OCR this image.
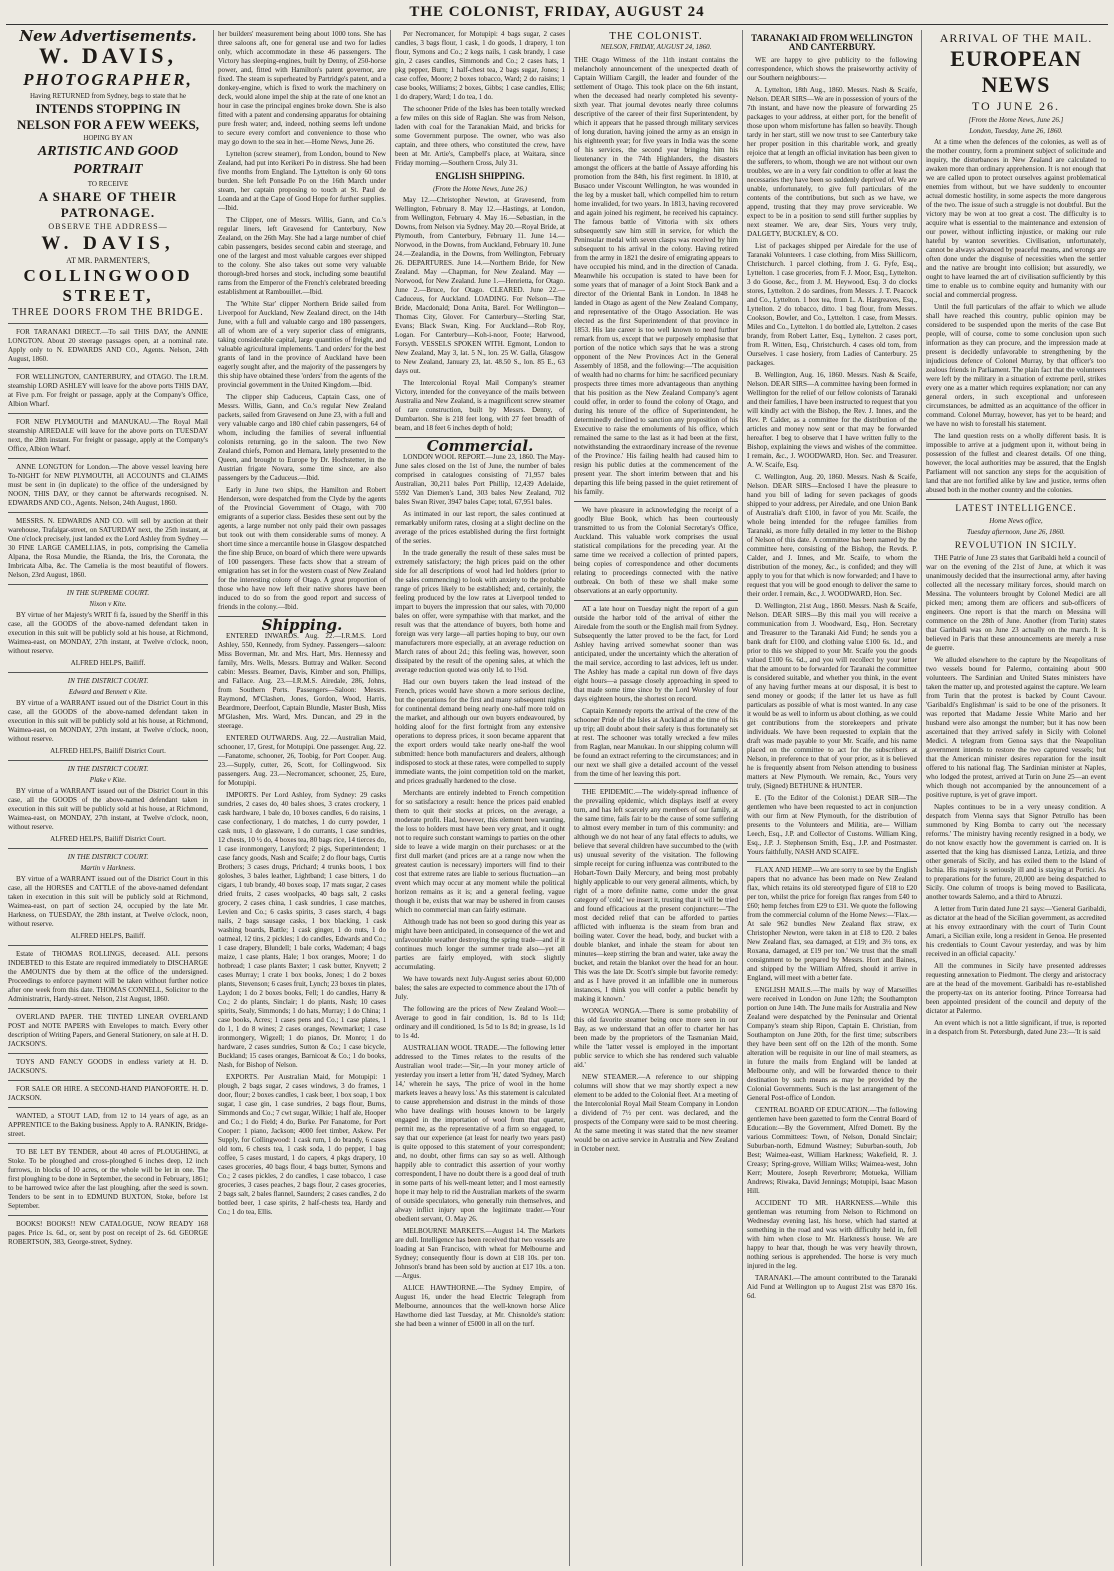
THE COLONIST, FRIDAY, AUGUST 24
New Advertisements.
W. DAVIS,
PHOTOGRAPHER,
Having RETURNED from Sydney, begs to state that he
INTENDS STOPPING IN NELSON FOR A FEW WEEKS,
HOPING BY AN
ARTISTIC AND GOOD PORTRAIT
TO RECEIVE
A SHARE OF THEIR PATRONAGE.
OBSERVE THE ADDRESS—
W. DAVIS,
AT MR. PARMENTER'S,
COLLINGWOOD STREET,
THREE DOORS FROM THE BRIDGE.

FOR TARANAKI DIRECT.—To sail THIS DAY, the ANNIE LONGTON. About 20 steerage passages open, at a nominal rate. Apply only to N. EDWARDS AND CO., Agents. Nelson, 24th August, 1860.

FOR WELLINGTON, CANTERBURY, and OTAGO. The I.R.M. steamship LORD ASHLEY will leave for the above ports THIS DAY, at Five p.m. For freight or passage, apply at the Company's Office, Albion Wharf.

FOR NEW PLYMOUTH and MANUKAU.—The Royal Mail steamship AIREDALE will leave for the above ports on TUESDAY next, the 28th instant. For freight or passage, apply at the Company's Office, Albion Wharf.

ANNE LONGTON for London.—The above vessel leaving here To-NIGHT for NEW PLYMOUTH, all ACCOUNTS and CLAIMS must be sent in (in duplicate) to the office of the undersigned by NOON, THIS DAY, or they cannot be afterwards recognised. N. EDWARDS AND CO., Agents. Nelson, 24th August, 1860.

MESSRS. N. EDWARDS AND CO. will sell by auction at their warehouse, Trafalgar-street, on SATURDAY next, the 25th instant, at One o'clock precisely, just landed ex the Lord Ashley from Sydney — 30 FINE LARGE CAMELLIAS, in pots, comprising the Camelia Alpana, the Rosa Mundie, the Rianda, the Iris, the Coronata, the Imbricata Alba, &c. The Camelia is the most beautiful of flowers. Nelson, 23rd August, 1860.

IN THE SUPREME COURT.
Nixon v Kite.

BY virtue of her Majesty's WRIT fi fa, issued by the Sheriff in this case, all the GOODS of the above-named defendant taken in execution in this suit will be publicly sold at his house, at Richmond, Waimea-east, on MONDAY, 27th instant, at Twelve o'clock, noon, without reserve.

ALFRED HELPS, Bailiff.

IN THE DISTRICT COURT.
Edward and Bennett v Kite.

BY virtue of a WARRANT issued out of the District Court in this case, all the GOODS of the above-named defendant taken in execution in this suit will be publicly sold at his house, at Richmond, Waimea-east, on MONDAY, 27th instant, at Twelve o'clock, noon, without reserve.

ALFRED HELPS, Bailiff District Court.

IN THE DISTRICT COURT.
Plake v Kite.

BY virtue of a WARRANT issued out of the District Court in this case, all the GOODS of the above-named defendant taken in execution in this suit will be publicly sold at his house, at Richmond, Waimea-east, on MONDAY, 27th instant, at Twelve o'clock, noon, without reserve.

ALFRED HELPS, Bailiff District Court.

IN THE DISTRICT COURT.
Martin v Harkness.

BY virtue of a WARRANT issued out of the District Court in this case, all the HORSES and CATTLE of the above-named defendant taken in execution in this suit will be publicly sold at Richmond, Waimea-east, on part of section 24, occupied by the late Mr. Harkness, on TUESDAY, the 28th instant, at Twelve o'clock, noon, without reserve.

ALFRED HELPS, Bailiff.

Estate of THOMAS ROLLINGS, deceased. ALL persons INDEBTED to this Estate are required immediately to DISCHARGE the AMOUNTS due by them at the office of the undersigned. Proceedings to enforce payment will be taken without further notice after one week from this date. THOMAS CONNELL, Solicitor to the Administratrix, Hardy-street. Nelson, 21st August, 1860.

OVERLAND PAPER. THE TINTED LINEAR OVERLAND POST and NOTE PAPERS with Envelopes to match. Every other description of Writing Papers, and General Stationery, on sale at H. D. JACKSON'S.

TOYS AND FANCY GOODS in endless variety at H. D. JACKSON'S.

FOR SALE OR HIRE. A SECOND-HAND PIANOFORTE. H. D. JACKSON.

WANTED, a STOUT LAD, from 12 to 14 years of age, as an APPRENTICE to the Baking business. Apply to A. RANKIN, Bridge-street.

TO BE LET BY TENDER, about 40 acres of PLOUGHING, at Stoke. To be ploughed and cross-ploughed 6 inches deep, 12 inch furrows, in blocks of 10 acres, or the whole will be let in one. The first ploughing to be done in September, the second in February, 1861; to be harrowed twice after the last ploughing, after the seed is sown. Tenders to be sent in to EDMUND BUXTON, Stoke, before 1st September.

BOOKS! BOOKS!! NEW CATALOGUE, NOW READY 168 pages. Price 1s. 6d., or, sent by post on receipt of 2s. 6d. GEORGE ROBERTSON, 383, George-street, Sydney.

her builders' measurement being about 1000 tons. She has three saloons aft, one for general use and two for ladies only, which accommodate in these 46 passengers. The Victory has sleeping-engines, built by Denny, of 250-horse power, and, fitted with Hamilton's patent governor, are fixed. The steam is superheated by Partridge's patent, and a donkey-engine, which is fixed to work the machinery on deck, would alone impel the ship at the rate of one knot an hour in case the principal engines broke down. She is also fitted with a patent and condensing apparatus for obtaining pure fresh water; and, indeed, nothing seems left undone to secure every comfort and convenience to those who may go down to the sea in her.—Home News, June 26.

Lyttelton (screw steamer), from London, bound to New Zealand, had put into Kerikeri Po in distress. She had been five months from England. The Lyttelton is only 60 tons burden. She left Ponsadle Po on the 16th March under steam, her captain proposing to touch at St. Paul de Loanda and at the Cape of Good Hope for further supplies.—Ibid.

The Clipper, one of Messrs. Willis, Gann, and Co.'s regular liners, left Gravesend for Canterbury, New Zealand, on the 26th May. She had a large number of chief cabin passengers, besides second cabin and steerage, and one of the largest and most valuable cargoes ever shipped to the colony. She also takes out some very valuable thorough-bred horses and stock, including some beautiful rams from the Emperor of the French's celebrated breeding establishment at Rambouillet.—Ibid.

The 'White Star' clipper Northern Bride sailed from Liverpool for Auckland, New Zealand direct, on the 14th June, with a full and valuable cargo and 180 passengers, all of whom are of a very superior class of emigrants, taking considerable capital, large quantities of freight, and valuable agricultural implements. 'Land orders' for the best grants of land in the province of Auckland have been eagerly sought after, and the majority of the passengers by this ship have obtained these 'orders' from the agents of the provincial government in the United Kingdom.—Ibid.

The clipper ship Caduceus, Captain Cass, one of Messrs. Willis, Gann, and Co.'s regular New Zealand packets, sailed from Gravesend on June 23, with a full and very valuable cargo and 180 chief cabin passengers, 64 of whom, including the families of several influential colonists returning, go in the saloon. The two New Zealand chiefs, Pomon and Hemara, lately presented to the Queen, and brought to Europe by Dr. Hochstetter, in the Austrian frigate Novara, some time since, are also passengers by the Caduceus.—Ibid.

Early in June two ships, the Hamilton and Robert Henderson, were despatched from the Clyde by the agents of the Provincial Government of Otago, with 700 emigrants of a superior class. Besides these sent out by the agents, a large number not only paid their own passages but took out with them considerable sums of money. A short time since a mercantile house in Glasgow despatched the fine ship Bruce, on board of which there were upwards of 100 passengers. These facts show that a stream of emigration has set in for the western coast of New Zealand for the interesting colony of Otago. A great proportion of those who have now left their native shores have been induced to do so from the good report and success of friends in the colony.—Ibid.

Shipping.

ENTERED INWARDS. Aug. 22.—I.R.M.S. Lord Ashley, 550, Kennedy, from Sydney. Passengers—saloon: Miss Boverman, Mr. and Mrs. Hart, Mrs. Hennessy and family, Mrs. Wells, Messrs. Buttray and Walker. Second cabin: Messrs. Beamer, Davis, Kimber and son, Phillips, and Fallace. Aug. 23.—I.R.M.S. Airedale, 286, Johns, from Southern Ports. Passengers—Saloon: Messrs. Raymond, M'Clashen, Jones, Gordon, Wood, Harris, Beardmore, Deerfoot, Captain Blundle, Master Bush, Miss M'Glashen, Mrs. Ward, Mrs. Duncan, and 29 in the steerage.

ENTERED OUTWARDS. Aug. 22.—Australian Maid, schooner, 17, Grest, for Motupipi. One passenger. Aug. 22.—Fanatome, schooner, 26, Toobig, for Port Cooper. Aug. 23.—Supply, cutter, 26, Scott, for Collingwood. Six passengers. Aug. 23.—Necromancer, schooner, 25, Eure, for Motupipi.

IMPORTS. Per Lord Ashley, from Sydney: 29 casks sundries, 2 cases do, 40 bales shoes, 3 crates crockery, 1 cask hardware, 1 bale do, 10 boxes candles, 6 do raisins, 1 case confectionary, 1 do matches, 1 do curry powder, 1 cask nuts, 1 do glassware, 1 do currants, 1 case sundries, 12 chests, 10 ½ do, 4 boxes tea, 80 bags rice, 14 tierces do, 1 case ironmongery, Lanyford; 2 pigs, Superintendent; 1 case fancy goods, Nash and Scaife; 2 do flour bags, Curtis Brothers; 3 cases drugs, Prichard; 4 trunks boots, 1 box goloshes, 3 bales leather, Lightband; 1 case bitters, 1 do cigars, 1 tub brandy, 40 boxes soap, 17 mats sugar, 2 cases dried fruits, 2 cases woolpacks, 40 bags salt, 2 casks grocery, 2 cases china, 1 cask sundries, 1 case matches, Levien and Co.; 6 casks spirits, 3 cases starch, 4 bags nails, 2 bags sausage casks, 1 box blacking, 1 cask washing boards, Battle; 1 cask ginger, 1 do nuts, 1 do oatmeal, 12 tins, 2 pickles; 1 do candles, Edwards and Co.; 1 case drapery, Blundell; 1 bale corks, Wademan; 4 bags maize, 1 case plants, Hale; 1 box oranges, Moore; 1 do hotbread; 1 case plants Baxter; 1 cask butter, Knyvett; 2 cases Murray; 1 crate 1 box books, Jones; 1 do 2 boxes plants, Stevenson; 6 cases fruit, Lynch; 23 boxes tin plates, Laydon; 1 do 2 boxes books, Fell; 1 do candles, Harry & Co.; 2 do plants, Sinclair; 1 do plants, Nash; 10 cases spirits, Sealy, Simmonds; 1 do hats, Murray; 1 do China; 1 case books, Acres; 1 cases pens and Co.; 1 case plates, 1 do 1, 1 do 8 wines; 2 cases oranges, Newmarket; 1 case ironmongery, Wigzell; 1 do pianos, Dr. Monro; 1 do hardware, 2 cases sundries, Sutton & Co.; 1 case bicycle, Buckland; 15 cases oranges, Barnicoat & Co.; 1 do books, Nash, for Bishop of Nelson.

EXPORTS. Per Australian Maid, for Motupipi: 1 plough, 2 bags sugar, 2 cases windows, 3 do frames, 1 door, flour; 2 boxes candles, 1 cask beer, 1 box soap, 1 box sugar, 1 case gin, 1 case sundries, 2 bags flour, Burns, Simmonds and Co.; 7 cwt sugar, Wilkie; 1 half ale, Hooper and Co.; 1 do Field; 4 do, Burke. Per Fanatome, for Port Cooper: 1 piano, Jackson; 4000 feet timber, Askew. Per Supply, for Collingwood: 1 cask rum, 1 do brandy, 6 cases old tom, 6 chests tea, 1 cask soda, 1 do pepper, 1 bag coffee, 5 cases mustard, 1 do capers, 4 pkgs drapery, 10 cases groceries, 40 bags flour, 4 bags butter, Symons and Co.; 2 cases pickles, 2 do candles, 1 case tobacco, 1 case groceries, 3 cases peaches, 2 bags flour, 2 cases groceries, 2 bags salt, 2 bales flannel, Saunders; 2 cases candles, 2 do bottled beer, 1 case spirits, 2 half-chests tea, Hardy and Co.; 1 do tea, Ellis.

Per Necromancer, for Motupipi: 4 bags sugar, 2 cases candles, 3 bags flour, 1 cask, 1 do goods, 1 drapery, 1 ton flour, Symons and Co.; 2 kegs nails, 1 cask brandy, 1 case gin, 2 cases candles, Simmonds and Co.; 2 cases hats, 1 pkg pepper, Burn; 1 half-chest tea, 2 bags sugar, Jones; 1 case coffee, Moore; 2 boxes tobacco, Ward; 2 do raisins; 1 case books, Williams; 2 boxes, Gibbs; 1 case candles, Ellis; 1 do drapery, Ward; 1 do tea, 1 do.

The schooner Pride of the Isles has been totally wrecked a few miles on this side of Raglan. She was from Nelson, laden with coal for the Taranakian Maid, and bricks for some Government purpose. The owner, who was also captain, and three others, who constituted the crew, have been at Mr. Artie's, Campbell's place, at Waitara, since Friday morning.—Southern Cross, July 31.

ENGLISH SHIPPING.
(From the Home News, June 26.)

May 12.—Christopher Newton, at Gravesend, from Wellington, February 8. May 12.—Hastings, at London, from Wellington, February 4. May 16.—Sebastian, in the Downs, from Nelson via Sydney. May 20.—Royal Bride, at Plymouth, from Canterbury, February 11. June 14.—Norwood, in the Downs, from Auckland, February 10. June 24.—Zealandia, in the Downs, from Wellington, February 26. DEPARTURES. June 14.—Northern Bride, for New Zealand. May —Chapman, for New Zealand. May —Norwood, for New Zealand. June 1.—Henrietta, for Otago. June 2.—Bruce, for Otago. CLEARED. June 22.—Caduceus, for Auckland. LOADING. For Nelson—The Bride, Macdonald; Dona Anita, Barel. For Wellington—Thomas City, Glover. For Canterbury—Sterling Star, Evans; Black Swan, King. For Auckland—Rob Roy, Logan. For Canterbury—Koh-i-noor, Foote; Harwood, Forsyth. VESSELS SPOKEN WITH. Egmont, London to New Zealand, May 3, lat. 5 N., lon. 25 W. Galla, Glasgow to New Zealand, January 23, lat. 48.50 S., lon. 85 E., 63 days out.

The Intercolonial Royal Mail Company's steamer Victory, intended for the conveyance of the mails between Australia and New Zealand, is a magnificent screw steamer of rare construction, built by Messrs. Denny, of Dumbarton. She is 218 feet long, with 27 feet breadth of beam, and 18 feet 6 inches depth of hold;

Commercial.

LONDON WOOL REPORT.—June 23, 1860. The May-June sales closed on the 1st of June, the number of bales comprised in catalogues consisting of 71,957 bales Australian, 30,211 bales Port Phillip, 12,439 Adelaide, 5592 Van Diemen's Land, 303 bales New Zealand, 702 bales Swan River, 3947 bales Cape; total, 67,951 bales.

As intimated in our last report, the sales continued at remarkably uniform rates, closing at a slight decline on the average of the prices established during the first fortnight of the series.

In the trade generally the result of these sales must be extremely satisfactory; the high prices paid on the other side for all descriptions of wool had led holders (prior to the sales commencing) to look with anxiety to the probable range of prices likely to be established; and, certainly, the feeling produced by the low rates at Liverpool tended to impart to buyers the impression that our sales, with 70,000 bales on offer, were sympathise with that market, and the result was that the attendance of buyers, both home and foreign was very large—all parties hoping to buy, our own manufacturers more especially, at an average reduction on March rates of about 2d.; this feeling was, however, soon dissipated by the result of the opening sales, at which the average reduction quoted was only 1d. to 1½d.

Had our own buyers taken the lead instead of the French, prices would have shown a more serious decline, but the operations for the first and many subsequent nights for continental demand being nearly one-half more told on the market, and although our own buyers endeavoured, by holding aloof for the first fortnight from any extensive operations to depress prices, it soon became apparent that the export orders would take nearly one-half the wool submitted: hence both manufacturers and dealers, although indisposed to stock at these rates, were compelled to supply immediate wants, the joint competition told on the market, and prices gradually hardened to the close.

Merchants are entirely indebted to French competition for so satisfactory a result: hence the prices paid enabled them to quit their stocks at prices, on the average, a moderate profit. Had, however, this element been wanting, the loss to holders must have been very great, and it ought not to require such constant warnings to parties on the other side to leave a wide margin on their purchases: or at the first dull market (and prices are at a range now when the greatest caution is necessary) importers will find to their cost that extreme rates are liable to serious fluctuation—an event which may occur at any moment while the political horizon remains as it is; and a general feeling, vague though it be, exists that war may be ushered in from causes which no commercial man can fairly estimate.

Although trade has not been so good during this year as might have been anticipated, in consequence of the wet and unfavourable weather destroying the spring trade—and if it continues much longer the summer trade also—yet all parties are fairly employed, with stock slightly accumulating.

We have towards next July-August series about 60,000 bales; the sales are expected to commence about the 17th of July.

The following are the prices of New Zealand Wool:—Average to good in fair condition, 1s. 8d to 1s 11d; ordinary and ill conditioned, 1s 5d to 1s 8d; in grease, 1s 1d to 1s 4d.

AUSTRALIAN WOOL TRADE.—The following letter addressed to the Times relates to the results of the Australian wool trade:—'Sir,—In your money article of yesterday you insert a letter from 'H,' dated 'Sydney, March 14,' wherein he says, 'The price of wool in the home markets leaves a heavy loss.' As this statement is calculated to cause apprehension and distrust in the minds of those who have dealings with houses known to be largely engaged in the importation of wool from that quarter, permit me, as the representative of a firm so engaged, to say that our experience (at least for nearly two years past) is quite opposed to this statement of your correspondent; and, no doubt, other firms can say so as well. Although happily able to contradict this assertion of your worthy correspondent, I have no doubt there is a good deal of truth in some parts of his well-meant letter; and I most earnestly hope it may help to rid the Australian markets of the swarm of outside speculators, who generally ruin themselves, and alway inflict injury upon the legitimate trader.—Your obedient servant, O. May 26.

MELBOURNE MARKETS.—August 14. The Markets are dull. Intelligence has been received that two vessels are loading at San Francisco, with wheat for Melbourne and Sydney; consequently flour is down at £18 10s. per ton. Johnson's brand has been sold by auction at £17 10s. a ton.—Argus.

ALICE HAWTHORNE.—The Sydney Empire, of August 16, under the head Electric Telegraph from Melbourne, announces that the well-known horse Alice Hawthorne died last Tuesday, at Mr. Chisnolde's station: she had been a winner of £5000 in all on the turf.

THE COLONIST.
NELSON, FRIDAY, AUGUST 24, 1860.

THE Otago Witness of the 11th instant contains the melancholy announcement of the unexpected death of Captain William Cargill, the leader and founder of the settlement of Otago. This took place on the 6th instant, when the deceased had nearly completed his seventy-sixth year. That journal devotes nearly three columns descriptive of the career of their first Superintendent, by which it appears that he passed through military services of long duration, having joined the army as an ensign in his eighteenth year; for five years in India was the scene of his services, the second year bringing him his lieutenancy in the 74th Highlanders, the disasters amongst the officers at the battle of Assaye affording his promotion from the 84th, his first regiment. In 1810, at Busaco under Viscount Wellington, he was wounded in the leg by a musket ball, which compelled him to return home invalided, for two years. In 1813, having recovered and again joined his regiment, he received his captaincy. The famous battle of Vittoria with six others subsequently saw him still in service, for which the Peninsular medal with seven clasps was received by him subsequent to his arrival in the colony. Having retired from the army in 1821 the desire of emigrating appears to have occupied his mind, and in the direction of Canada. Meanwhile his occupation is stated to have been for some years that of manager of a Joint Stock Bank and a director of the Oriental Bank in London. In 1848 he landed in Otago as agent of the New Zealand Company, and representative of the Otago Association. He was elected as the first Superintendent of that province in 1853. His late career is too well known to need further remark from us, except that we purposely emphasise that portion of the notice which says that he was a strong opponent of the New Provinces Act in the General Assembly of 1858, and the following:—'The acquisition of wealth had no charms for him: he sacrificed pecuniary prospects three times more advantageous than anything that his position as the New Zealand Company's agent could offer, in order to found the colony of Otago, and during his tenure of the office of Superintendent, he determinedly declined to sanction any proposition of his Executive to raise the emoluments of his office, which remained the same to the last as it had been at the first, notwithstanding the extraordinary increase of the revenue of the Province.' His failing health had caused him to resign his public duties at the commencement of the present year. The short interim between that and his departing this life being passed in the quiet retirement of his family.

We have pleasure in acknowledging the receipt of a goodly Blue Book, which has been courteously transmitted to us from the Colonial Secretary's Office, Auckland. This valuable work comprises the usual statistical compilations for the preceding year. At the same time we received a collection of printed papers, being copies of correspondence and other documents relating to proceedings connected with the native outbreak. On both of these we shall make some observations at an early opportunity.

AT a late hour on Tuesday night the report of a gun outside the harbor told of the arrival of either the Airedale from the south or the English mail from Sydney. Subsequently the latter proved to be the fact, for Lord Ashley having arrived somewhat sooner than was anticipated, under the uncertainty which the alteration of the mail service, according to last advices, left us under. The Ashley has made a capital run down of five days eight hours—a passage closely approaching in speed to that made some time since by the Lord Worsley of four days eighteen hours, the shortest on record.

Captain Kennedy reports the arrival of the crew of the schooner Pride of the Isles at Auckland at the time of his up trip; all doubt about their safety is thus fortunately set at rest. The schooner was totally wrecked a few miles from Raglan, near Manukau. In our shipping column will be found an extract referring to the circumstances; and in our next we shall give a detailed account of the vessel from the time of her leaving this port.

THE EPIDEMIC.—The widely-spread influence of the prevailing epidemic, which displays itself at every turn, and has left scarcely any members of our family, at the same time, fails fair to be the cause of some suffering to almost every member in turn of this community: and although we do not hear of any fatal effects to adults, we believe that several children have succumbed to the (with us) unusual severity of the visitation. The following simple receipt for curing influenza was contributed to the Hobart-Town Daily Mercury, and being most probably highly applicable to our very general ailments, which, by right of a more definite name, come under the great category of 'cold,' we insert it, trusting that it will be tried and found efficacious at the present conjuncture:—'The most decided relief that can be afforded to parties afflicted with influenza is the steam from bran and boiling water. Cover the head, body, and bucket with a double blanket, and inhale the steam for about ten minutes—keep stirring the bran and water, take away the bucket, and retain the blanket over the head for an hour. This was the late Dr. Scott's simple but favorite remedy: and as I have proved it an infallible one in numerous instances, I think you will confer a public benefit by making it known.'

WONGA WONGA.—There is some probability of this old favorite steamer being once more seen in our Bay, as we understand that an offer to charter her has been made by the proprietors of the Tasmanian Maid, while the 'latter vessel is employed in the important public service to which she has rendered such valuable aid.'

NEW STEAMER.—A reference to our shipping columns will show that we may shortly expect a new element to be added to the Colonial fleet. At a meeting of the Intercolonial Royal Mail Steam Company in London a dividend of 7½ per cent. was declared, and the prospects of the Company were said to be most cheering. At the same meeting it was stated that the new steamer would be on active service in Australia and New Zealand in October next.

TARANAKI AID FROM WELLINGTON AND CANTERBURY.

WE are happy to give publicity to the following correspondence, which shows the praiseworthy activity of our Southern neighbours:—

A. Lyttelton, 18th Aug., 1860. Messrs. Nash & Scaife, Nelson. DEAR SIRS—We are in possession of yours of the 7th instant, and have now the pleasure of forwarding 25 packages to your address, at either port, for the benefit of those upon whom misfortune has fallen so heavily. Though tardy in her start, still we now trust to see Canterbury take her proper position in this charitable work, and greatly rejoice that at length an official invitation has been given to the sufferers, to whom, though we are not without our own troubles, we are in a very fair condition to offer at least the necessaries they have been so suddenly deprived of. We are unable, unfortunately, to give full particulars of the contents of the contributions, but such as we have, we append, trusting that they may prove serviceable. We expect to be in a position to send still further supplies by next steamer. We are, dear Sirs, Yours very truly, DALGETY, BUCKLEY, & CO.

List of packages shipped per Airedale for the use of Taranaki Volunteers. 1 case clothing, from Miss Skillicorn, Christchurch. 1 parcel clothing, from J. G. Fyfe, Esq., Lyttelton. 1 case groceries, from F. J. Moor, Esq., Lyttelton. 3 do Goose, &c., from J. M. Heywood, Esq. 3 do clocks stores, Lyttelton. 2 do sardines, from Messrs. J. T. Peacock and Co., Lyttelton. 1 box tea, from L. A. Hargreaves, Esq., Lyttelton. 2 do tobacco, ditto. 1 bag flour, from Messrs. Cookson, Bowler, and Co., Lyttelton. 1 case, from Messrs. Miles and Co., Lyttelton. 1 do bottled ale, Lyttelton. 2 cases brandy, from Robert Latter, Esq., Lyttelton. 2 cases port, from R. Witten, Esq., Christchurch. 4 cases old tom, from Ourselves. 1 case hosiery, from Ladies of Canterbury. 25 packages.

B. Wellington, Aug. 16, 1860. Messrs. Nash & Scaife, Nelson. DEAR SIRS—A committee having been formed in Wellington for the relief of our fellow colonists of Taranaki and their families, I have been instructed to request that you will kindly act with the Bishop, the Rev. J. Innes, and the Rev. P. Calder, as a committee for the distribution of the articles and money now sent or that may be forwarded hereafter. I beg to observe that I have written fully to the Bishop, explaining the views and wishes of the committee. I remain, &c., J. WOODWARD, Hon. Sec. and Treasurer. A. W. Scaife, Esq.

C. Wellington, Aug. 20, 1860. Messrs. Nash & Scaife, Nelson. DEAR SIRS—Enclosed I have the pleasure to hand you bill of lading for seven packages of goods shipped to your address, per Airedale, and one Union Bank of Australia's draft £100, in favor of you Mr. Scaife, the whole being intended for the refugee families from Taranaki, as more fully detailed in my letter to the Bishop of Nelson of this date. A committee has been named by the committee here, consisting of the Bishop, the Revds. P. Calder, and J. Innes, and Mr. Scaife, to whom the distribution of the money, &c., is confided; and they will apply to you for that which is now forwarded; and I have to request that you will be good enough to deliver the same to their order. I remain, &c., J. WOODWARD, Hon. Sec.

D. Wellington, 21st Aug., 1860. Messrs. Nash & Scaife, Nelson. DEAR SIRS—By this mail you will receive a communication from J. Woodward, Esq., Hon. Secretary and Treasurer to the Taranaki Aid Fund; he sends you a bank draft for £100, and clothing value £100 6s. 1d., and prior to this we shipped to your Mr. Scaife you the goods valued £100 6s. 6d., and you will recollect by your letter that the amount to be forwarded for Taranaki the committee is considered suitable, and whether you think, in the event of any having further means at our disposal, it is best to send money or goods; if the latter let us have as full particulars as possible of what is most wanted. In any case it would be as well to inform us about clothing, as we could get contributions from the storekeepers and private individuals. We have been requested to explain that the draft was made payable to your Mr. Scaife, and his name placed on the committee to act for the subscribers at Nelson, in preference to that of your prior, as it is believed he is frequently absent from Nelson attending to business matters at New Plymouth. We remain, &c., Yours very truly, (Signed) BETHUNE & HUNTER.

E. (To the Editor of the Colonist.) DEAR SIR—The gentlemen who have been requested to act in conjunction with our firm at New Plymouth, for the distribution of presents to the Volunteers and Militia, are— William Leech, Esq., J.P. and Collector of Customs. William King, Esq., J.P. J. Stephenson Smith, Esq., J.P. and Postmaster. Yours faithfully, NASH AND SCAIFE.

FLAX AND HEMP.—We are sorry to see by the English papers that no advance has been made on New Zealand flax, which retains its old stereotyped figure of £18 to £20 per ton, whilst the price for foreign flax ranges from £40 to £60; hemp fetches from £29 to £31. We quote the following from the commercial column of the Home News:—'Flax.—At sale 962 bundles New Zealand flax straw, ex Christopher Newton, were taken in at £18 to £20. 2 bales New Zealand flax, sea damaged, at £19; and 3½ tons, ex Roxana, damaged, at £19 per ton.' We trust that the small consignment to be prepared by Messrs. Hort and Baines, and shipped by the William Alfred, should it arrive in England, will meet with a better fate.

ENGLISH MAILS.—The mails by way of Marseilles were received in London on June 12th; the Southampton portion on June 14th. The June mails for Australia and New Zealand were despatched by the Peninsular and Oriental Company's steam ship Ripon, Captain E. Christian, from Southampton on June 20th, for the first time; subscribers they have been sent off on the 12th of the month. Some alteration will be requisite in our line of mail steamers, as in future the mails from England will be landed at Melbourne only, and will be forwarded thence to their destination by such means as may be provided by the Colonial Governments. Such is the last arrangement of the General Post-office of London.

CENTRAL BOARD OF EDUCATION.—The following gentlemen have been gazetted to form the Central Board of Education:—By the Government, Alfred Domett. By the various Committees: Town, of Nelson, Donald Sinclair; Suburban-north, Edmund Wastney; Suburban-south, Job Best; Waimea-east, William Harkness; Wakefield, R. J. Creasy; Spring-grove, William Wilks; Waimea-west, John Kerr; Moutere, Joseph Reverbrore; Motueka, William Andrews; Riwaka, David Jennings; Motupipi, Isaac Mason Hill.

ACCIDENT TO MR. HARKNESS.—While this gentleman was returning from Nelson to Richmond on Wednesday evening last, his horse, which had started at something in the road and was with difficulty held in, fell with him when close to Mr. Harkness's house. We are happy to hear that, though he was very heavily thrown, nothing serious is apprehended. The horse is very much injured in the leg.

TARANAKI.—The amount contributed to the Taranaki Aid Fund at Wellington up to August 21st was £870 16s. 6d.

ARRIVAL OF THE MAIL.
EUROPEAN NEWS
TO JUNE 26.
[From the Home News, June 26.]
London, Tuesday, June 26, 1860.

At a time when the defences of the colonies, as well as of the mother country, form a prominent subject of solicitude and inquiry, the disturbances in New Zealand are calculated to awaken more than ordinary apprehension. It is not enough that we are called upon to protect ourselves against problematical enemies from without, but we have suddenly to encounter actual domestic hostility, in some aspects the more dangerous of the two. The issue of such a struggle is not doubtful. But the victory may be won at too great a cost. The difficulty is to acquire what is essential to the maintenance and extension of our power, without inflicting injustice, or making our rule hateful by wanton severities. Civilisation, unfortunately, cannot be always advanced by peaceful means, and wrongs are often done under the disguise of necessities when the settler and the native are brought into collision; but assuredly, we ought to have learned the art of civilisation sufficiently by this time to enable us to combine equity and humanity with our social and commercial progress.

Until the full particulars of the affair to which we allude shall have reached this country, public opinion may be considered to be suspended upon the merits of the case But people, will of course, come to some conclusion upon such information as they can procure, and the impression made at present is decidedly unfavorable to strengthening by the injudicious defence of Colonel Murray, by that officer's too zealous friends in Parliament. The plain fact that the volunteers were left by the military in a situation of extreme peril, strikes every one as a matter which requires explanation; nor can any general orders, in such exceptional and unforeseen circumstances, be admitted as an acquittance of the officer in command. Colonel Murray, however, has yet to be heard; and we have no wish to forestall his statement.

The land question rests on a wholly different basis. It is impossible to arrive at a judgment upon it, without being in possession of the fullest and clearest details. Of one thing, however, the local authorities may be assured, that the Englsh Parliament will not sanction any steps for the acquisition of land that are not fortified alike by law and justice, terms often abused both in the mother country and the colonies.

LATEST INTELLIGENCE.
Home News office,
Tuesday afternoon, June 26, 1860.
REVOLUTION IN SICILY.

THE Patrie of June 23 states that Garibaldi held a council of war on the evening of the 21st of June, at which it was unanimously decided that the insurrectional army, after having collected all the necessary military forces, should march on Messina. The volunteers brought by Colonel Medici are all picked men; among them are officers and sub-officers of engineers. One report is that the march on Messina will commence on the 28th of June. Another (from Turin) states that Garibaldi was on June 23 actually on the march. It is believed in Paris that these announcements are merely a ruse de guerre.

We alluded elsewhere to the capture by the Neapolitans of two vessels bound for Palermo, containing about 900 volunteers. The Sardinian and United States ministers have taken the matter up, and protested against the capture. We learn from Turin that the protest is backed by Count Cavour. 'Garibaldi's Englishman' is said to be one of the prisoners. It was reported that Madame Jessie White Mario and her husband were also amongst the number; but it has now been ascertained that they arrived safely in Sicily with Colonel Medici. A telegram from Genoa says that the Neapolitan government intends to restore the two captured vessels; but that the American minister desires reparation for the insult offered to his national flag. The Sardinian minister at Naples, who lodged the protest, arrived at Turin on June 25—an event which though not accompanied by the announcement of a positive rupture, is yet of grave import.

Naples continues to be in a very uneasy condition. A despatch from Vienna says that Signor Petrullo has been summoned by King Bomba to carry out 'the necessary reforms.' The ministry having recently resigned in a body, we do not know exactly how the government is carried on. It is asserted that the king has dismissed Lanza, Letizia, and three other generals of Sicily, and has exiled them to the Island of Ischia. His majesty is seriously ill and is staying at Portici. As to preparations for the future, 20,000 are being despatched to Sicily. One column of troops is being moved to Basilicata, another towards Salerno, and a third to Abruzzi.

A letter from Turin dated June 21 says:—'General Garibaldi, as dictator at the head of the Sicilian government, as accredited at his envoy extraordinary with the court of Turin Count Amari, a Sicilian exile, long a resident in Genoa. He presented his credentials to Count Cavour yesterday, and was by him received in an official capacity.'

All the communes in Sicily have presented addresses requesting annexation to Piedmont. The clergy and aristocracy are at the head of the movement. Garibaldi has re-established the property-tax on its anterior footing. Prince Torrearsa had been appointed president of the council and deputy of the dictator at Palermo.

An event which is not a little significant, if true, is reported in a despatch from St. Petersburgh, dated June 23:—'It is said
